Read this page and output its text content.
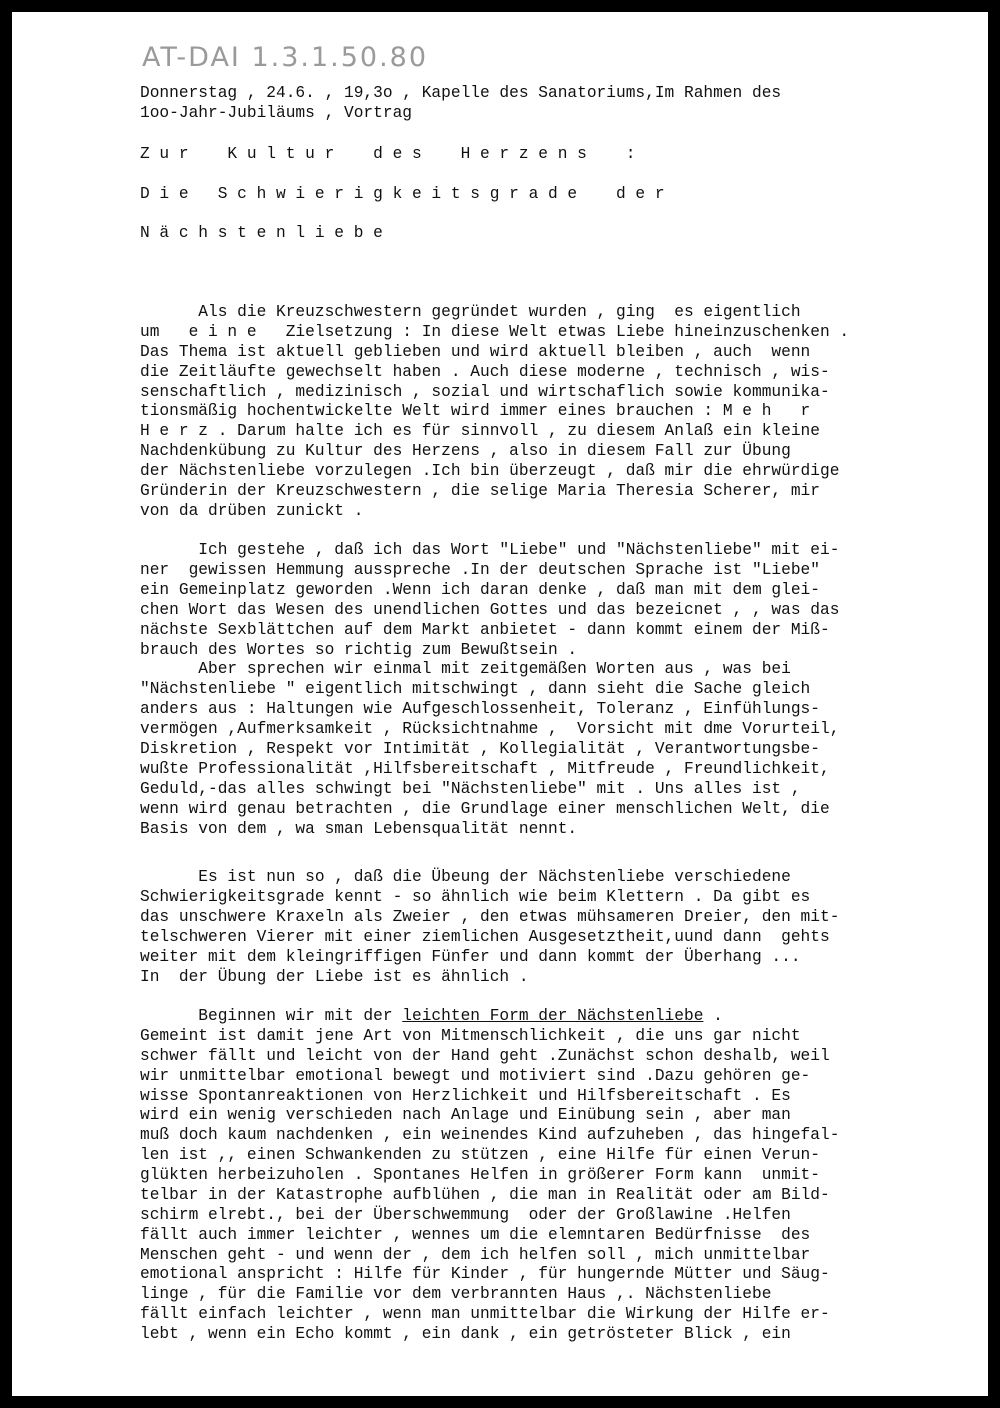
AT-DAI 1.3.1.50.80
Donnerstag , 24.6. , 19,3o , Kapelle des Sanatoriums,Im Rahmen des
1oo-Jahr-Jubiläums , Vortrag
Z u r    K u l t u r    d e s    H e r z e n s    :
D i e   S c h w i e r i g k e i t s g r a d e    d e r
N ä c h s t e n l i e b e
Als die Kreuzschwestern gegründet wurden , ging  es eigentlich
um   e i n e   Zielsetzung : In diese Welt etwas Liebe hineinzuschenken .
Das Thema ist aktuell geblieben und wird aktuell bleiben , auch  wenn
die Zeitläufte gewechselt haben . Auch diese moderne , technisch , wis-
senschaftlich , medizinisch , sozial und wirtschaflich sowie kommunika-
tionsmäßig hochentwickelte Welt wird immer eines brauchen : M e h   r
H e r z . Darum halte ich es für sinnvoll , zu diesem Anlaß ein kleine
Nachdenkübung zu Kultur des Herzens , also in diesem Fall zur Übung
der Nächstenliebe vorzulegen .Ich bin überzeugt , daß mir die ehrwürdige
Gründerin der Kreuzschwestern , die selige Maria Theresia Scherer, mir
von da drüben zunickt .
Ich gestehe , daß ich das Wort "Liebe" und "Nächstenliebe" mit ei-
ner  gewissen Hemmung ausspreche .In der deutschen Sprache ist "Liebe"
ein Gemeinplatz geworden .Wenn ich daran denke , daß man mit dem glei-
chen Wort das Wesen des unendlichen Gottes und das bezeicnet , , was das
nächste Sexblättchen auf dem Markt anbietet - dann kommt einem der Miß-
brauch des Wortes so richtig zum Bewußtsein .
Aber sprechen wir einmal mit zeitgemäßen Worten aus , was bei
"Nächstenliebe " eigentlich mitschwingt , dann sieht die Sache gleich
anders aus : Haltungen wie Aufgeschlossenheit, Toleranz , Einfühlungs-
vermögen ,Aufmerksamkeit , Rücksichtnahme ,  Vorsicht mit dme Vorurteil,
Diskretion , Respekt vor Intimität , Kollegialität , Verantwortungsbe-
wußte Professionalität ,Hilfsbereitschaft , Mitfreude , Freundlichkeit,
Geduld,-das alles schwingt bei "Nächstenliebe" mit . Uns alles ist ,
wenn wird genau betrachten , die Grundlage einer menschlichen Welt, die
Basis von dem , wa sman Lebensqualität nennt.
Es ist nun so , daß die Übeung der Nächstenliebe verschiedene
Schwierigkeitsgrade kennt - so ähnlich wie beim Klettern . Da gibt es
das unschwere Kraxeln als Zweier , den etwas mühsameren Dreier, den mit-
telschweren Vierer mit einer ziemlichen Ausgesetztheit,uund dann  gehts
weiter mit dem kleingriffigen Fünfer und dann kommt der Überhang ...
In  der Übung der Liebe ist es ähnlich .
Beginnen wir mit der leichten Form der Nächstenliebe .
Gemeint ist damit jene Art von Mitmenschlichkeit , die uns gar nicht
schwer fällt und leicht von der Hand geht .Zunächst schon deshalb, weil
wir unmittelbar emotional bewegt und motiviert sind .Dazu gehören ge-
wisse Spontanreaktionen von Herzlichkeit und Hilfsbereitschaft . Es
wird ein wenig verschieden nach Anlage und Einübung sein , aber man
muß doch kaum nachdenken , ein weinendes Kind aufzuheben , das hingefal-
len ist ,, einen Schwankenden zu stützen , eine Hilfe für einen Verun-
glükten herbeizuholen . Spontanes Helfen in größerer Form kann  unmit-
telbar in der Katastrophe aufblühen , die man in Realität oder am Bild-
schirm elrebt., bei der Überschwemmung  oder der Großlawine .Helfen
fällt auch immer leichter , wennes um die elemntaren Bedürfnisse  des
Menschen geht - und wenn der , dem ich helfen soll , mich unmittelbar
emotional anspricht : Hilfe für Kinder , für hungernde Mütter und Säug-
linge , für die Familie vor dem verbrannten Haus ,. Nächstenliebe
fällt einfach leichter , wenn man unmittelbar die Wirkung der Hilfe er-
lebt , wenn ein Echo kommt , ein dank , ein getrösteter Blick , ein
